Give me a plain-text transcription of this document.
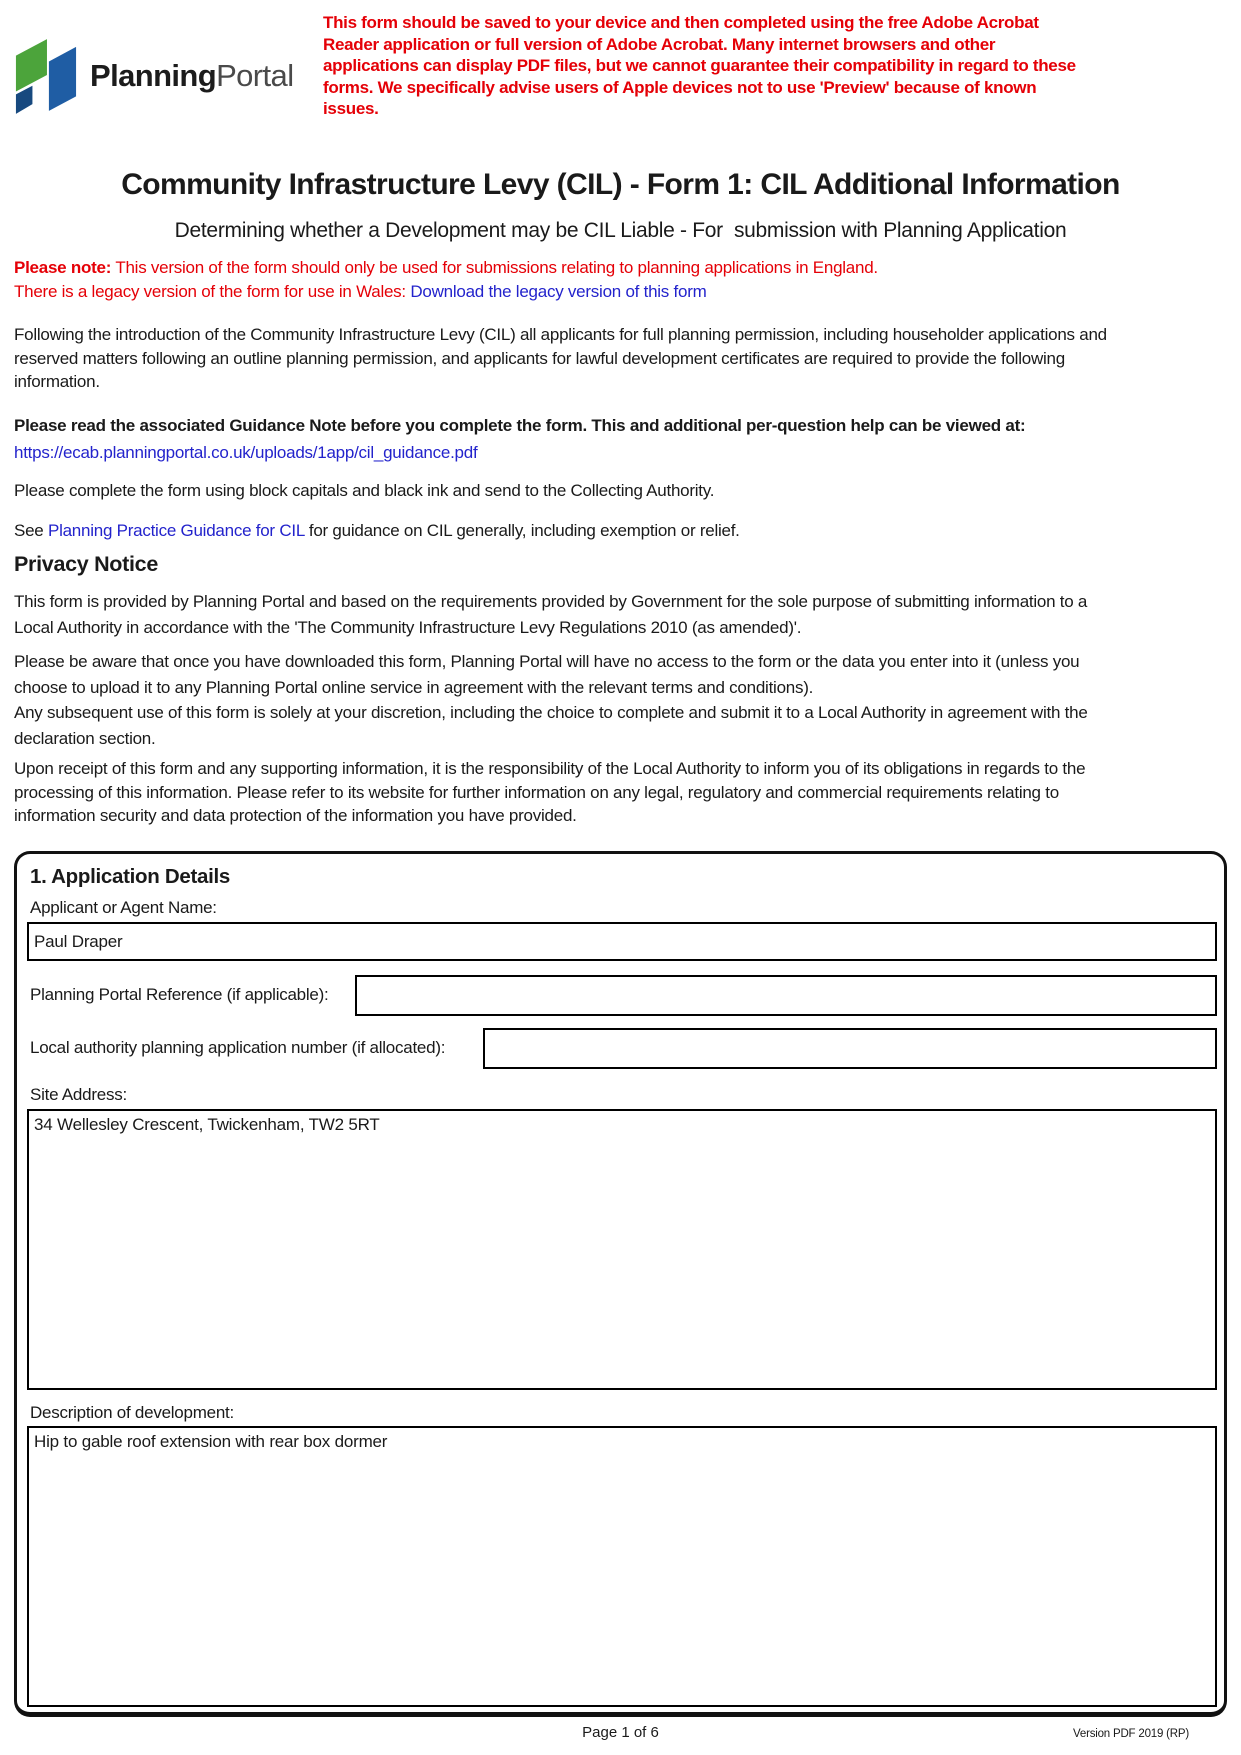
PlanningPortal
This form should be saved to your device and then completed using the free Adobe Acrobat Reader application or full version of Adobe Acrobat. Many internet browsers and other applications can display PDF files, but we cannot guarantee their compatibility in regard to these forms. We specifically advise users of Apple devices not to use 'Preview' because of known issues.
Community Infrastructure Levy (CIL) - Form 1: CIL Additional Information
Determining whether a Development may be CIL Liable - For  submission with Planning Application
Please note: This version of the form should only be used for submissions relating to planning applications in England.
There is a legacy version of the form for use in Wales: Download the legacy version of this form
Following the introduction of the Community Infrastructure Levy (CIL) all applicants for full planning permission, including householder applications and reserved matters following an outline planning permission, and applicants for lawful development certificates are required to provide the following information.
Please read the associated Guidance Note before you complete the form. This and additional per-question help can be viewed at:
https://ecab.planningportal.co.uk/uploads/1app/cil_guidance.pdf
Please complete the form using block capitals and black ink and send to the Collecting Authority.
See Planning Practice Guidance for CIL for guidance on CIL generally, including exemption or relief.
Privacy Notice
This form is provided by Planning Portal and based on the requirements provided by Government for the sole purpose of submitting information to a Local Authority in accordance with the 'The Community Infrastructure Levy Regulations 2010 (as amended)'.
Please be aware that once you have downloaded this form, Planning Portal will have no access to the form or the data you enter into it (unless you choose to upload it to any Planning Portal online service in agreement with the relevant terms and conditions).
Any subsequent use of this form is solely at your discretion, including the choice to complete and submit it to a Local Authority in agreement with the declaration section.
Upon receipt of this form and any supporting information, it is the responsibility of the Local Authority to inform you of its obligations in regards to the processing of this information. Please refer to its website for further information on any legal, regulatory and commercial requirements relating to information security and data protection of the information you have provided.
1. Application Details
Applicant or Agent Name:
Paul Draper
Planning Portal Reference (if applicable):
Local authority planning application number (if allocated):
Site Address:
34 Wellesley Crescent, Twickenham, TW2 5RT
Description of development:
Hip to gable roof extension with rear box dormer
Page 1 of 6	Version PDF 2019 (RP)
